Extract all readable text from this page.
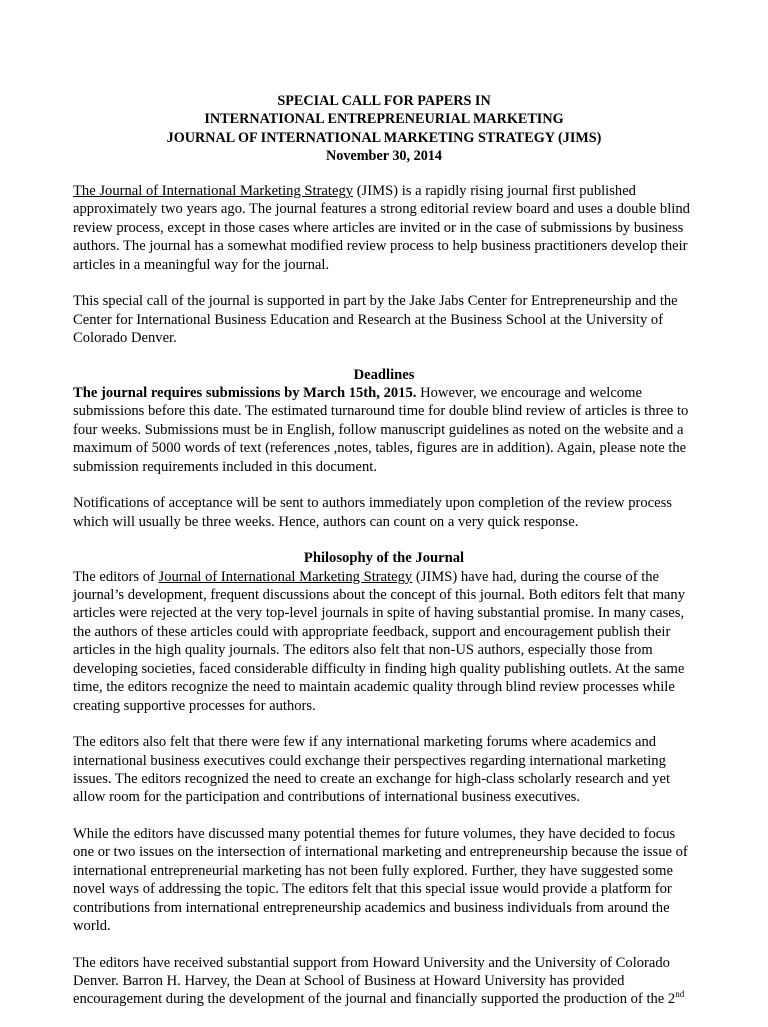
SPECIAL CALL FOR PAPERS IN
INTERNATIONAL ENTREPRENEURIAL MARKETING
JOURNAL OF INTERNATIONAL MARKETING STRATEGY (JIMS)
November 30, 2014

The Journal of International Marketing Strategy (JIMS) is a rapidly rising journal first published approximately two years ago. The journal features a strong editorial review board and uses a double blind review process, except in those cases where articles are invited or in the case of submissions by business authors. The journal has a somewhat modified review process to help business practitioners develop their articles in a meaningful way for the journal.

This special call of the journal is supported in part by the Jake Jabs Center for Entrepreneurship and the Center for International Business Education and Research at the Business School at the University of Colorado Denver.

Deadlines

The journal requires submissions by March 15th, 2015. However, we encourage and welcome submissions before this date. The estimated turnaround time for double blind review of articles is three to four weeks. Submissions must be in English, follow manuscript guidelines as noted on the website and a maximum of 5000 words of text (references ,notes, tables, figures are in addition). Again, please note the submission requirements included in this document.

Notifications of acceptance will be sent to authors immediately upon completion of the review process which will usually be three weeks. Hence, authors can count on a very quick response.

Philosophy of the Journal

The editors of Journal of International Marketing Strategy (JIMS) have had, during the course of the journal’s development, frequent discussions about the concept of this journal. Both editors felt that many articles were rejected at the very top-level journals in spite of having substantial promise. In many cases, the authors of these articles could with appropriate feedback, support and encouragement publish their articles in the high quality journals. The editors also felt that non-US authors, especially those from developing societies, faced considerable difficulty in finding high quality publishing outlets. At the same time, the editors recognize the need to maintain academic quality through blind review processes while creating supportive processes for authors.

The editors also felt that there were few if any international marketing forums where academics and international business executives could exchange their perspectives regarding international marketing issues. The editors recognized the need to create an exchange for high-class scholarly research and yet allow room for the participation and contributions of international business executives.

While the editors have discussed many potential themes for future volumes, they have decided to focus one or two issues on the intersection of international marketing and entrepreneurship because the issue of international entrepreneurial marketing has not been fully explored. Further, they have suggested some novel ways of addressing the topic. The editors felt that this special issue would provide a platform for contributions from international entrepreneurship academics and business individuals from around the world.

The editors have received substantial support from Howard University and the University of Colorado Denver. Barron H. Harvey, the Dean at School of Business at Howard University has provided encouragement during the development of the journal and financially supported the production of the 2nd
